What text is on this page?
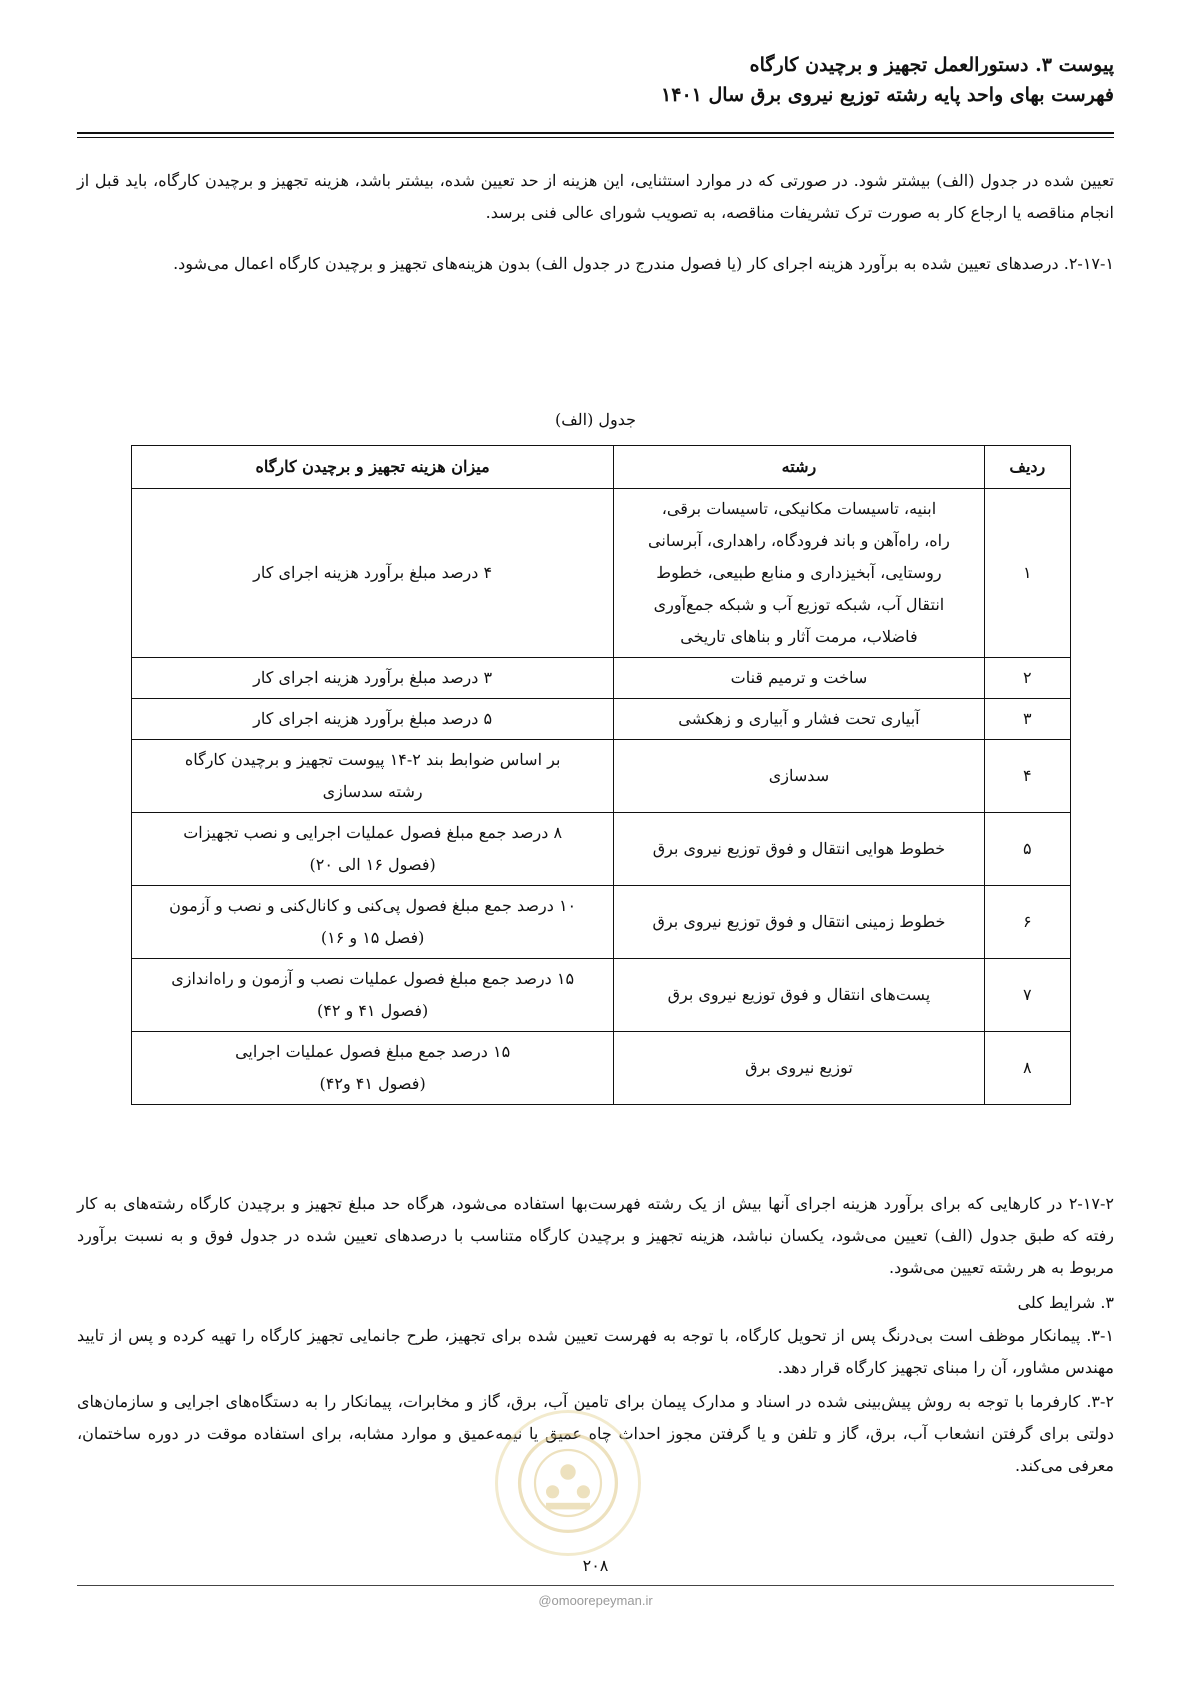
پیوست ۳. دستورالعمل تجهیز و برچیدن کارگاه
فهرست بهای واحد پایه رشته توزیع نیروی برق سال ۱۴۰۱
تعیین شده در جدول (الف) بیشتر شود. در صورتی که در موارد استثنایی، این هزینه از حد تعیین شده، بیشتر باشد، هزینه تجهیز و برچیدن کارگاه، باید قبل از انجام مناقصه یا ارجاع کار به صورت ترک تشریفات مناقصه، به تصویب شورای عالی فنی برسد.
۲-۱۷-۱. درصدهای تعیین شده به برآورد هزینه اجرای کار (یا فصول مندرج در جدول الف) بدون هزینه‌های تجهیز و برچیدن کارگاه اعمال می‌شود.
جدول (الف)
ردیف	رشته	میزان هزینه تجهیز و برچیدن کارگاه
۱	ابنیه، تاسیسات مکانیکی، تاسیسات برقی،
راه، راه‌آهن و باند فرودگاه، راهداری، آبرسانی
روستایی، آبخیزداری و منابع طبیعی، خطوط
انتقال آب، شبکه توزیع آب و شبکه جمع‌آوری
فاضلاب، مرمت آثار و بناهای تاریخی	۴ درصد مبلغ برآورد هزینه اجرای کار

۲	ساخت و ترمیم قنات	۳ درصد مبلغ برآورد هزینه اجرای کار

۳	آبیاری تحت فشار و آبیاری و زهکشی	۵ درصد مبلغ برآورد هزینه اجرای کار

۴	سدسازی	بر اساس ضوابط بند ۲-۱۴ پیوست تجهیز و برچیدن کارگاه
رشته سدسازی

۵	خطوط هوایی انتقال و فوق توزیع نیروی برق	۸ درصد جمع مبلغ فصول عملیات اجرایی و نصب تجهیزات
(فصول ۱۶ الی ۲۰)

۶	خطوط زمینی انتقال و فوق توزیع نیروی برق	۱۰ درصد جمع مبلغ فصول پی‌کنی و کانال‌کنی و نصب و آزمون
(فصل ۱۵ و ۱۶)

۷	پست‌های انتقال و فوق توزیع نیروی برق	۱۵ درصد جمع مبلغ فصول عملیات نصب و آزمون و راه‌اندازی
(فصول ۴۱ و ۴۲)

۸	توزیع نیروی برق	۱۵ درصد جمع مبلغ فصول عملیات اجرایی
(فصول ۴۱ و۴۲)
۲-۱۷-۲ در کارهایی که برای برآورد هزینه اجرای آنها بیش از یک رشته فهرست‌بها استفاده می‌شود، هرگاه حد مبلغ تجهیز و برچیدن کارگاه رشته‌های به کار رفته که طبق جدول (الف) تعیین می‌شود، یکسان نباشد، هزینه تجهیز و برچیدن کارگاه متناسب با درصدهای تعیین شده در جدول فوق و به نسبت برآورد مربوط به هر رشته تعیین می‌شود.
۳. شرایط کلی
۳-۱. پیمانکار موظف است بی‌درنگ پس از تحویل کارگاه، با توجه به فهرست تعیین شده برای تجهیز، طرح جانمایی تجهیز کارگاه را تهیه کرده و پس از تایید مهندس مشاور، آن را مبنای تجهیز کارگاه قرار دهد.
۳-۲. کارفرما با توجه به روش پیش‌بینی شده در اسناد و مدارک پیمان برای تامین آب، برق، گاز و مخابرات، پیمانکار را به دستگاه‌های اجرایی و سازمان‌های دولتی برای گرفتن انشعاب آب، برق، گاز و تلفن و یا گرفتن مجوز احداث چاه عمیق یا نیمه‌عمیق و موارد مشابه، برای استفاده موقت در دوره ساختمان، معرفی می‌کند.
۲۰۸
@omoorepeyman.ir
